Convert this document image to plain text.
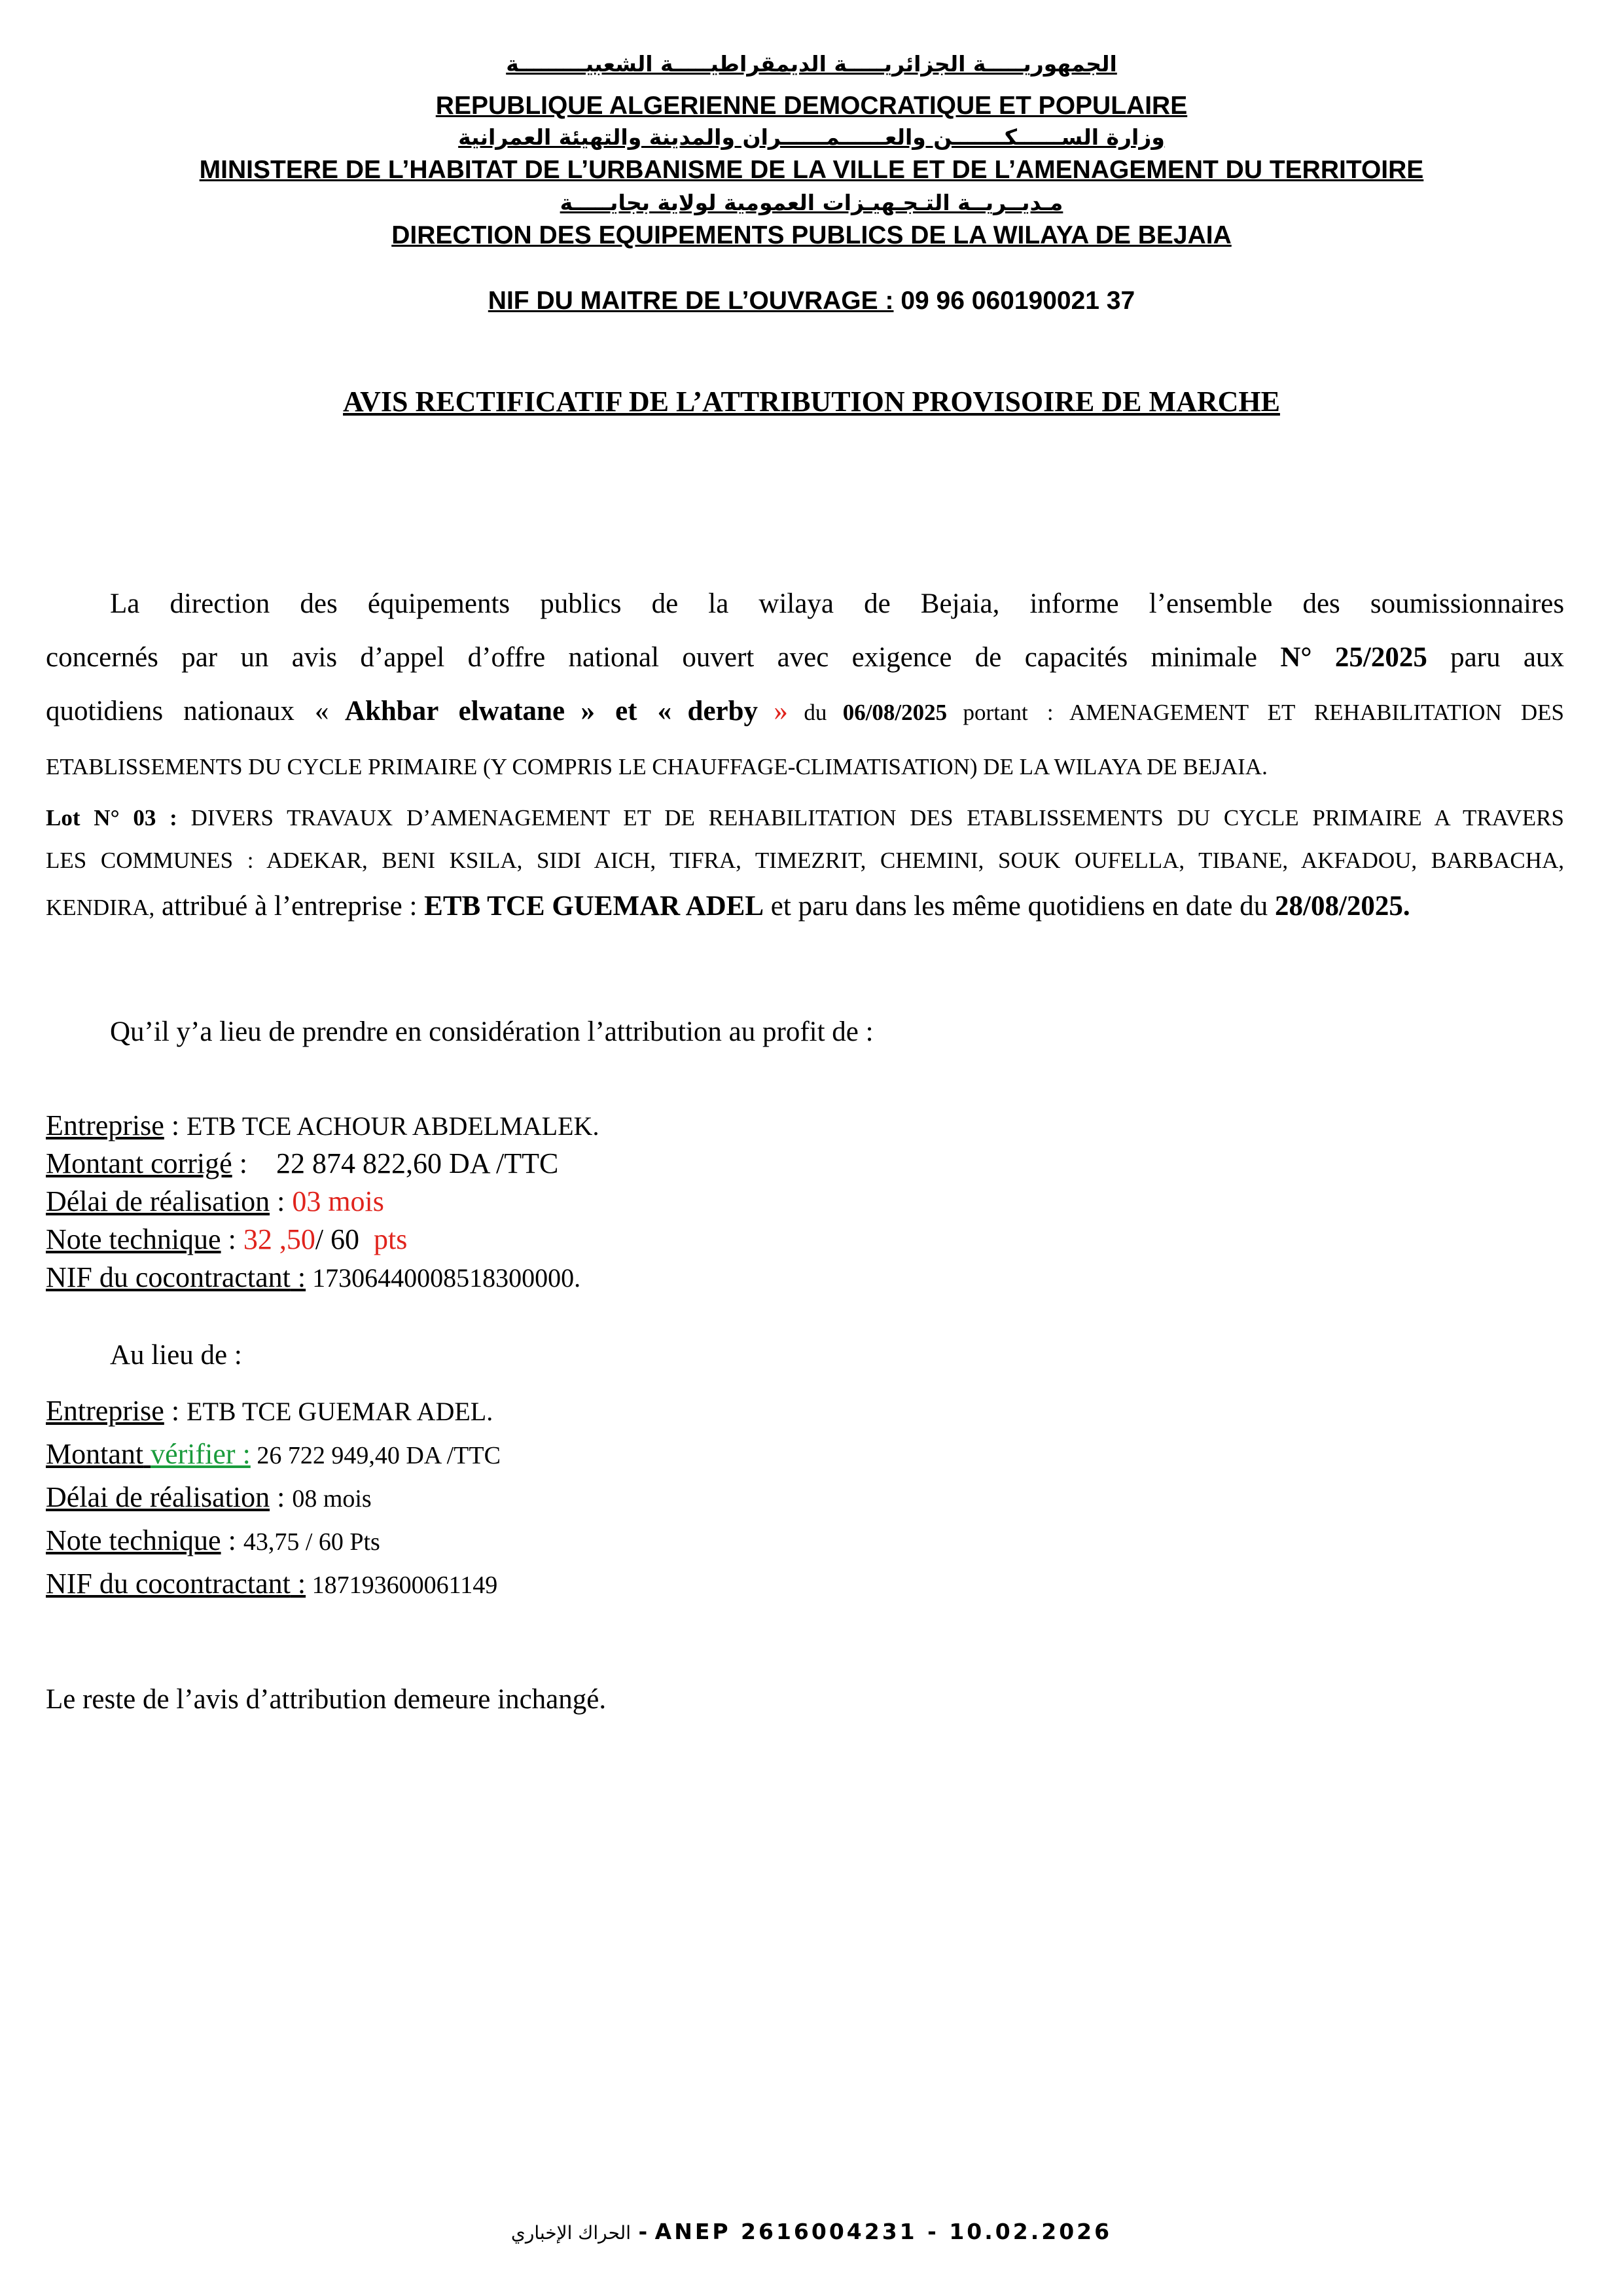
الجمهوريـــــة الجزائريـــــة الديمقراطيـــــة الشعبيـــــــــة
REPUBLIQUE ALGERIENNE DEMOCRATIQUE ET POPULAIRE
وزارة الســــــكـــــــن والعــــــمــــــران والمدينة والتهيئة العمرانية
MINISTERE DE L’HABITAT DE L’URBANISME DE LA VILLE ET DE L’AMENAGEMENT DU TERRITOIRE
مـديــريــة التـجـهيـزات العمومية لولاية بجايـــــة
DIRECTION DES EQUIPEMENTS PUBLICS DE LA WILAYA DE BEJAIA
NIF DU MAITRE DE L’OUVRAGE : 09 96 060190021 37
AVIS RECTIFICATIF DE L’ATTRIBUTION PROVISOIRE DE MARCHE
La direction des équipements publics de la wilaya de Bejaia, informe l’ensemble des soumissionnaires
concernés par un avis d’appel d’offre national ouvert avec exigence de capacités minimale N° 25/2025 paru aux
quotidiens nationaux « Akhbar elwatane » et « derby » du 06/08/2025 portant : AMENAGEMENT ET REHABILITATION DES
ETABLISSEMENTS DU CYCLE PRIMAIRE (Y COMPRIS LE CHAUFFAGE-CLIMATISATION) DE LA WILAYA DE BEJAIA.
Lot N° 03 : DIVERS TRAVAUX D’AMENAGEMENT ET DE REHABILITATION DES ETABLISSEMENTS DU CYCLE PRIMAIRE A TRAVERS
LES COMMUNES : ADEKAR, BENI KSILA, SIDI AICH, TIFRA, TIMEZRIT, CHEMINI, SOUK OUFELLA, TIBANE, AKFADOU, BARBACHA,
KENDIRA, attribué à l’entreprise : ETB TCE GUEMAR ADEL et paru dans les même quotidiens en date du 28/08/2025.
Qu’il y’a lieu de prendre en considération l’attribution au profit de :
Entreprise : ETB TCE ACHOUR ABDELMALEK.
Montant corrigé :    22 874 822,60 DA /TTC
Délai de réalisation : 03 mois
Note technique : 32 ,50/ 60 pts
NIF du cocontractant : 17306440008518300000.
Au lieu de :
Entreprise : ETB TCE GUEMAR ADEL.
Montant vérifier : 26 722 949,40 DA /TTC
Délai de réalisation : 08 mois
Note technique : 43,75 / 60 Pts
NIF du cocontractant : 187193600061149
Le reste de l’avis d’attribution demeure inchangé.
الحراك الإخباري - ANEP 2616004231 - 10.02.2026
